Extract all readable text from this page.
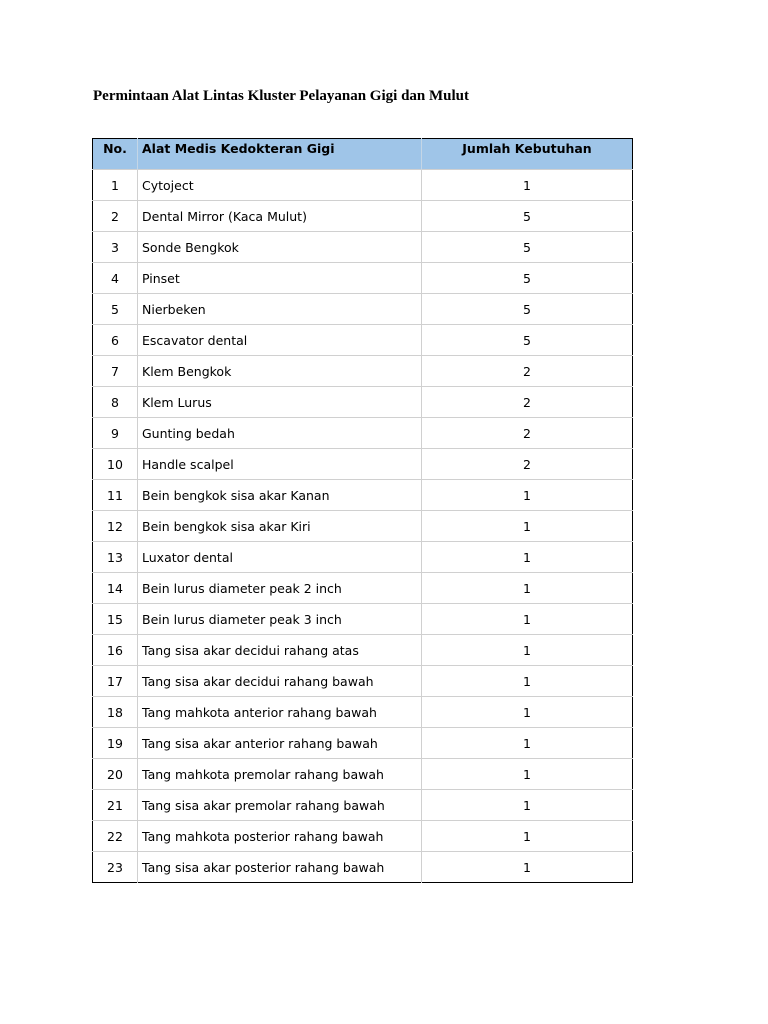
Permintaan Alat Lintas Kluster Pelayanan Gigi dan Mulut
No.	Alat Medis Kedokteran Gigi	Jumlah Kebutuhan
1	Cytoject	1
2	Dental Mirror (Kaca Mulut)	5
3	Sonde Bengkok	5
4	Pinset	5
5	Nierbeken	5
6	Escavator dental	5
7	Klem Bengkok	2
8	Klem Lurus	2
9	Gunting bedah	2
10	Handle scalpel	2
11	Bein bengkok sisa akar Kanan	1
12	Bein bengkok sisa akar Kiri	1
13	Luxator dental	1
14	Bein lurus diameter peak 2 inch	1
15	Bein lurus diameter peak 3 inch	1
16	Tang sisa akar decidui rahang atas	1
17	Tang sisa akar decidui rahang bawah	1
18	Tang mahkota anterior rahang bawah	1
19	Tang sisa akar anterior rahang bawah	1
20	Tang mahkota premolar rahang bawah	1
21	Tang sisa akar premolar rahang bawah	1
22	Tang mahkota posterior rahang bawah	1
23	Tang sisa akar posterior rahang bawah	1
